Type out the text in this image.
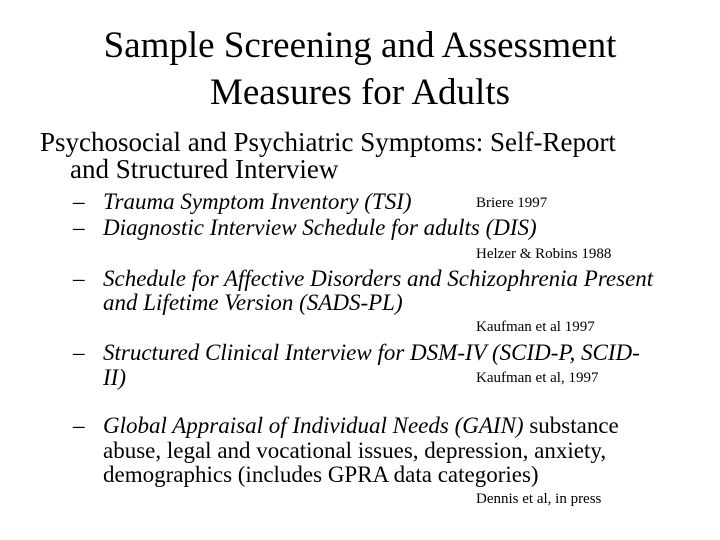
Sample Screening and Assessment
Measures for Adults
Psychosocial and Psychiatric Symptoms: Self-Report
and Structured Interview
– Trauma Symptom Inventory (TSI)	Briere 1997
– Diagnostic Interview Schedule for adults (DIS)
Helzer & Robins 1988
– Schedule for Affective Disorders and Schizophrenia Present
and Lifetime Version (SADS-PL)
Kaufman et al 1997
– Structured Clinical Interview for DSM-IV (SCID-P, SCID-
II)	Kaufman et al, 1997
– Global Appraisal of Individual Needs (GAIN) substance
abuse, legal and vocational issues, depression, anxiety,
demographics (includes GPRA data categories)
Dennis et al, in press
